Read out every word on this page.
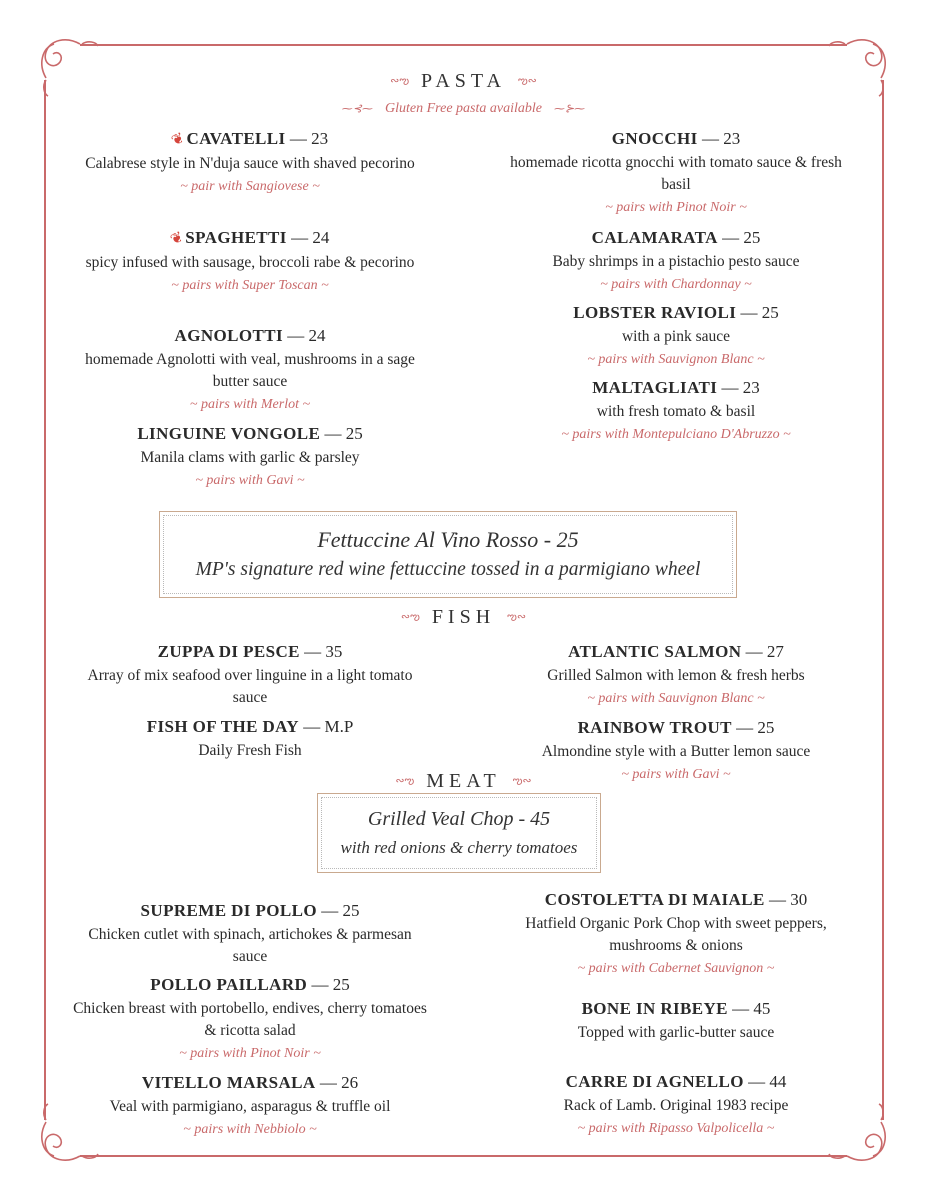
∾ఌ PASTA ఌ∾
⁓⊰⁓ Gluten Free pasta available ⁓⊱⁓
❦CAVATELLI — 23
Calabrese style in N'duja sauce with shaved pecorino
~ pair with Sangiovese ~
❦SPAGHETTI — 24
spicy infused with sausage, broccoli rabe & pecorino
~ pairs with Super Toscan ~
AGNOLOTTI — 24
homemade Agnolotti with veal, mushrooms in a sage butter sauce
~ pairs with Merlot ~
LINGUINE VONGOLE — 25
Manila clams with garlic & parsley
~ pairs with Gavi ~
GNOCCHI — 23
homemade ricotta gnocchi with tomato sauce & fresh basil
~ pairs with Pinot Noir ~
CALAMARATA — 25
Baby shrimps in a pistachio pesto sauce
~ pairs with Chardonnay ~
LOBSTER RAVIOLI — 25
with a pink sauce
~ pairs with Sauvignon Blanc ~
MALTAGLIATI — 23
with fresh tomato & basil
~ pairs with Montepulciano D'Abruzzo ~
Fettuccine Al Vino Rosso - 25
MP's signature red wine fettuccine tossed in a parmigiano wheel
∾ఌ FISH ఌ∾
ZUPPA DI PESCE — 35
Array of mix seafood over linguine in a light tomato sauce
FISH OF THE DAY — M.P
Daily Fresh Fish
ATLANTIC SALMON — 27
Grilled Salmon with lemon & fresh herbs
~ pairs with Sauvignon Blanc ~
RAINBOW TROUT — 25
Almondine style with a Butter lemon sauce
~ pairs with Gavi ~
∾ఌ MEAT ఌ∾
Grilled Veal Chop - 45
with red onions & cherry tomatoes
SUPREME DI POLLO — 25
Chicken cutlet with spinach, artichokes & parmesan sauce
POLLO PAILLARD — 25
Chicken breast with portobello, endives, cherry tomatoes & ricotta salad
~ pairs with Pinot Noir ~
VITELLO MARSALA — 26
Veal with parmigiano, asparagus & truffle oil
~ pairs with Nebbiolo ~
COSTOLETTA DI MAIALE — 30
Hatfield Organic Pork Chop with sweet peppers, mushrooms & onions
~ pairs with Cabernet Sauvignon ~
BONE IN RIBEYE — 45
Topped with garlic-butter sauce
CARRE DI AGNELLO — 44
Rack of Lamb. Original 1983 recipe
~ pairs with Ripasso Valpolicella ~
